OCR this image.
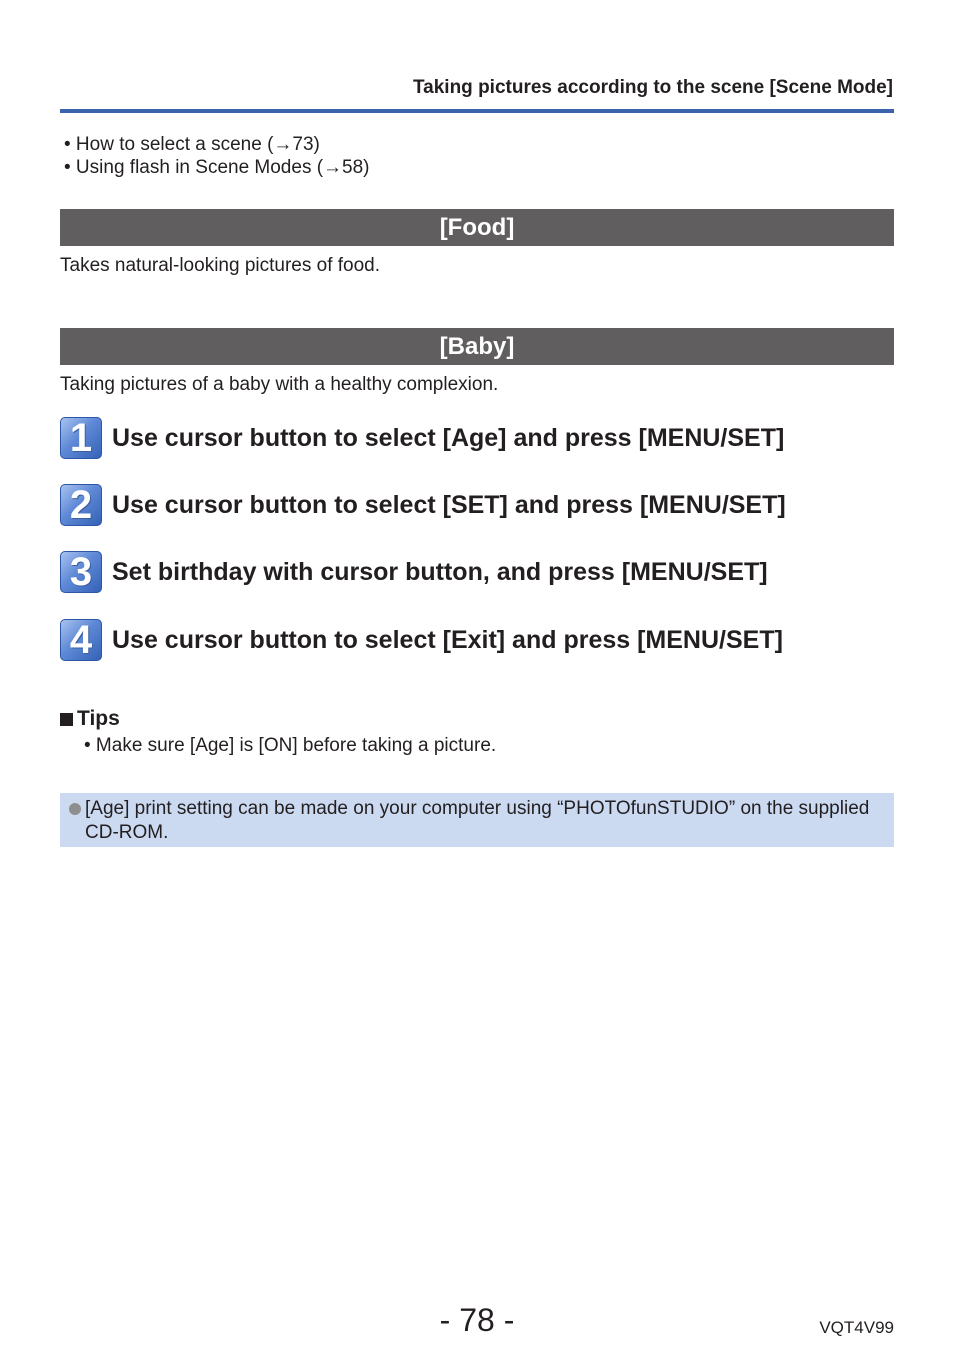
Taking pictures according to the scene [Scene Mode]
• How to select a scene (→73)
• Using flash in Scene Modes (→58)
[Food]
Takes natural-looking pictures of food.
[Baby]
Taking pictures of a baby with a healthy complexion.
1 Use cursor button to select [Age] and press [MENU/SET]
2 Use cursor button to select [SET] and press [MENU/SET]
3 Set birthday with cursor button, and press [MENU/SET]
4 Use cursor button to select [Exit] and press [MENU/SET]
Tips
• Make sure [Age] is [ON] before taking a picture.
[Age] print setting can be made on your computer using “PHOTOfunSTUDIO” on the supplied CD-ROM.
- 78 -	VQT4V99
